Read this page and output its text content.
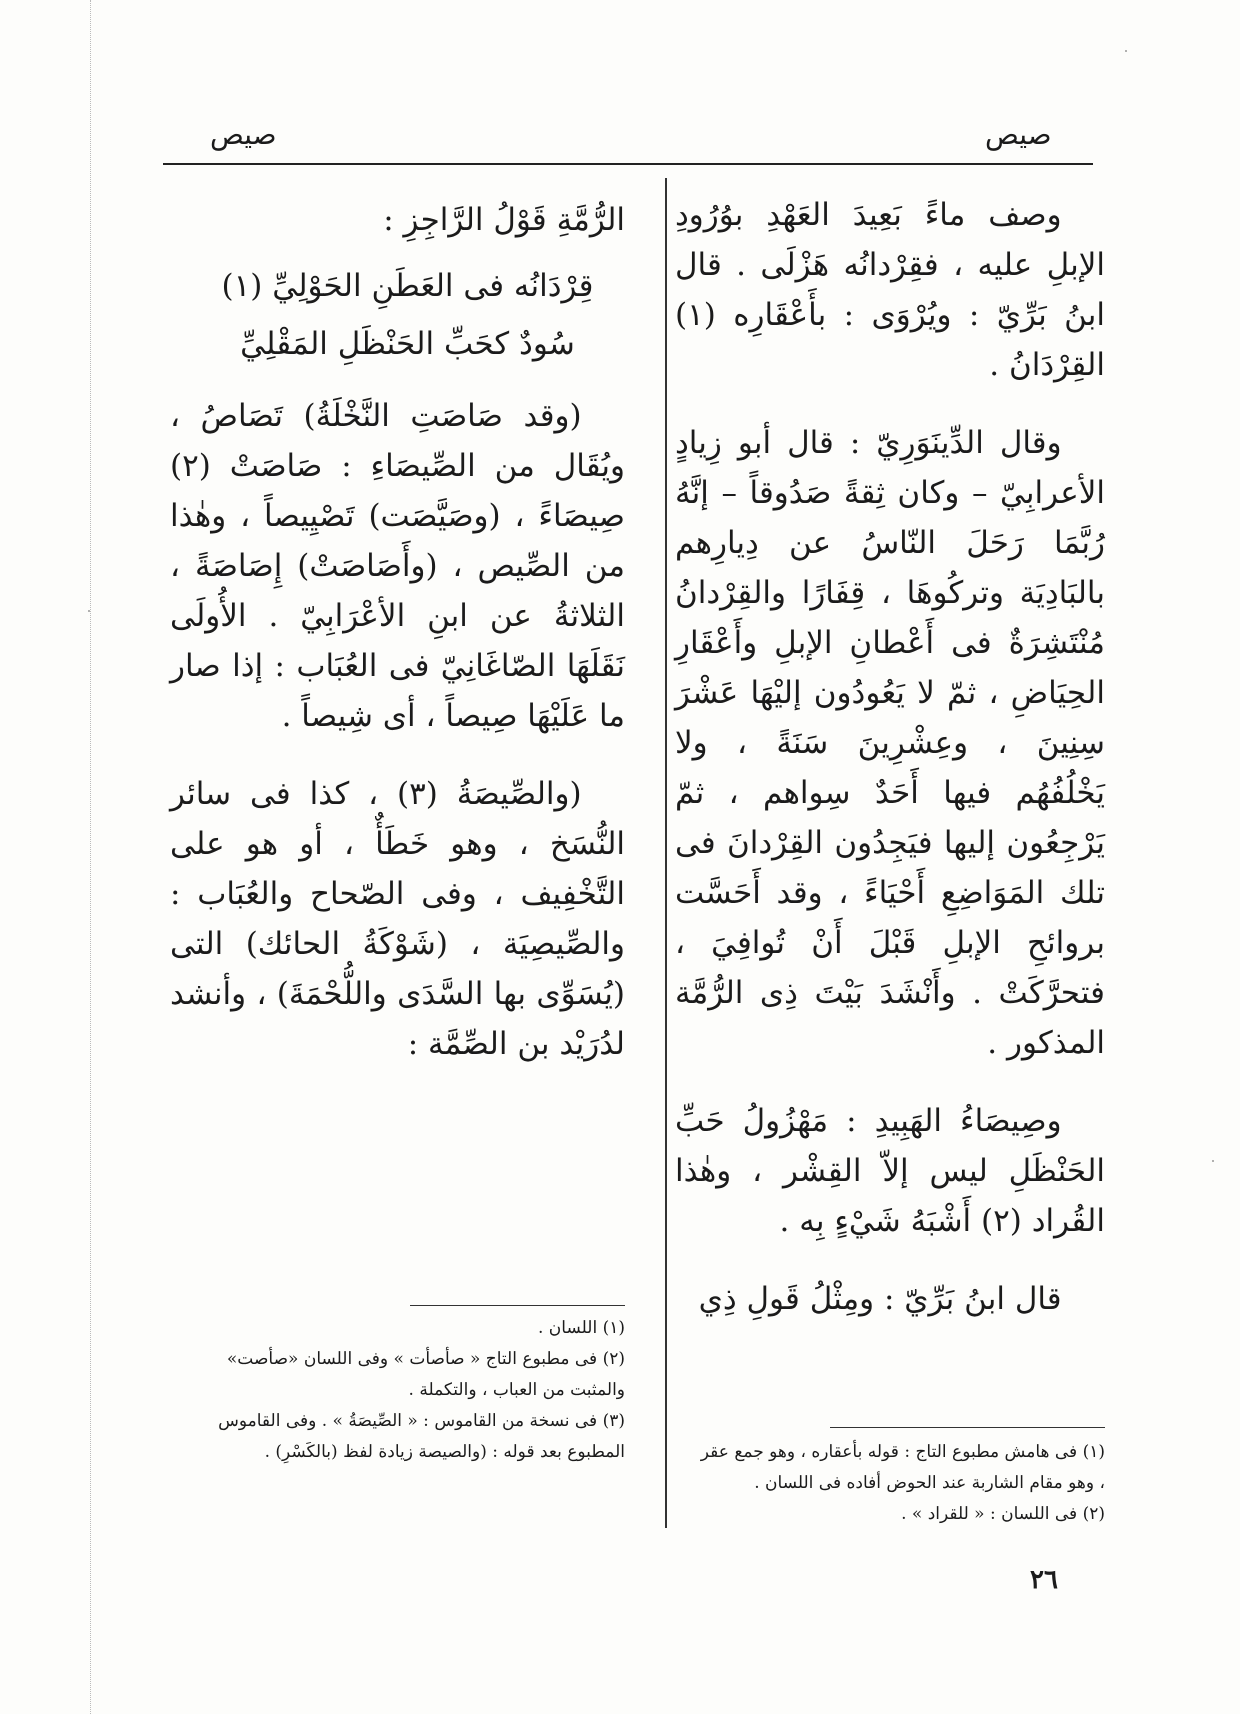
صيص
صيص

وصف ماءً بَعِيدَ العَهْدِ بوُرُودِ الإبلِ عليه ، فقِرْدانُه هَزْلَى . قال ابنُ بَرِّيّ : ويُرْوَى : بأَعْقَارِه (١) القِرْدَانُ .

وقال الدِّينَوَرِيّ : قال أبو زِيادٍ الأعرابِيّ – وكان ثِقةً صَدُوقاً – إنَّهُ رُبَّمَا رَحَلَ النّاسُ عن دِيارِهم بالبَادِيَة وتركُوهَا ، قِفَارًا والقِرْدانُ مُنْتَشِرَةٌ فى أَعْطانِ الإبلِ وأَعْقَارِ الحِيَاضِ ، ثمّ لا يَعُودُون إليْهَا عَشْرَ سِنِينَ ، وعِشْرِينَ سَنَةً ، ولا يَخْلُفُهُم فيها أَحَدٌ سِواهم ، ثمّ يَرْجِعُون إليها فيَجِدُون القِرْدانَ فى تلك المَوَاضِعِ أَحْيَاءً ، وقد أَحَسَّت بروائحِ الإبلِ قَبْلَ أَنْ تُوافِيَ ، فتحرَّكَتْ . وأَنْشَدَ بَيْتَ ذِى الرُّمَّة المذكور .

وصِيصَاءُ الهَبِيدِ : مَهْزُولُ حَبِّ الحَنْظَلِ ليس إلاّ القِشْر ، وهٰذا القُراد (٢) أَشْبَهُ شَيْءٍ بِه .

قال ابنُ بَرِّيّ : ومِثْلُ قَولِ ذِي

الرُّمَّةِ قَوْلُ الرَّاجِزِ :

قِرْدَانُه فى العَطَنِ الحَوْلِيِّ (١)
سُودٌ كحَبِّ الحَنْظَلِ المَقْلِيِّ

(وقد صَاصَتِ النَّخْلَةُ) تَصَاصُ ، ويُقَال من الصِّيصَاءِ : صَاصَتْ (٢) صِيصَاءً ، (وصَيَّصَت) تَصْيِيصاً ، وهٰذا من الصِّيص ، (وأَصَاصَتْ) إِصَاصَةً ، الثلاثةُ عن ابنِ الأعْرَابِيّ . الأُولَى نَقَلَهَا الصّاغَانِيّ فى العُبَاب : إذا صار ما عَلَيْهَا صِيصاً ، أى شِيصاً .

(والصِّيصَةُ (٣) ، كذا فى سائر النُّسَخ ، وهو خَطَأٌ ، أو هو على التَّخْفِيف ، وفى الصّحاح والعُبَاب : والصِّيصِيَة ، (شَوْكَةُ الحائك) التى (يُسَوِّى بها السَّدَى واللُّحْمَةَ) ، وأنشد لدُرَيْد بن الصِّمَّة :

(١) فى هامش مطبوع التاج : قوله بأعقاره ، وهو جمع عقر ، وهو مقام الشاربة عند الحوض أفاده فى اللسان .

(٢) فى اللسان : « للقراد » .

(١) اللسان .

(٢) فى مطبوع التاج « صأصأت » وفى اللسان «صأصت» والمثبت من العباب ، والتكملة .

(٣) فى نسخة من القاموس : « الصِّيصَةُ » . وفى القاموس المطبوع بعد قوله : (والصيصة زيادة لفظ (بالكَسْرِ) .

٢٦
